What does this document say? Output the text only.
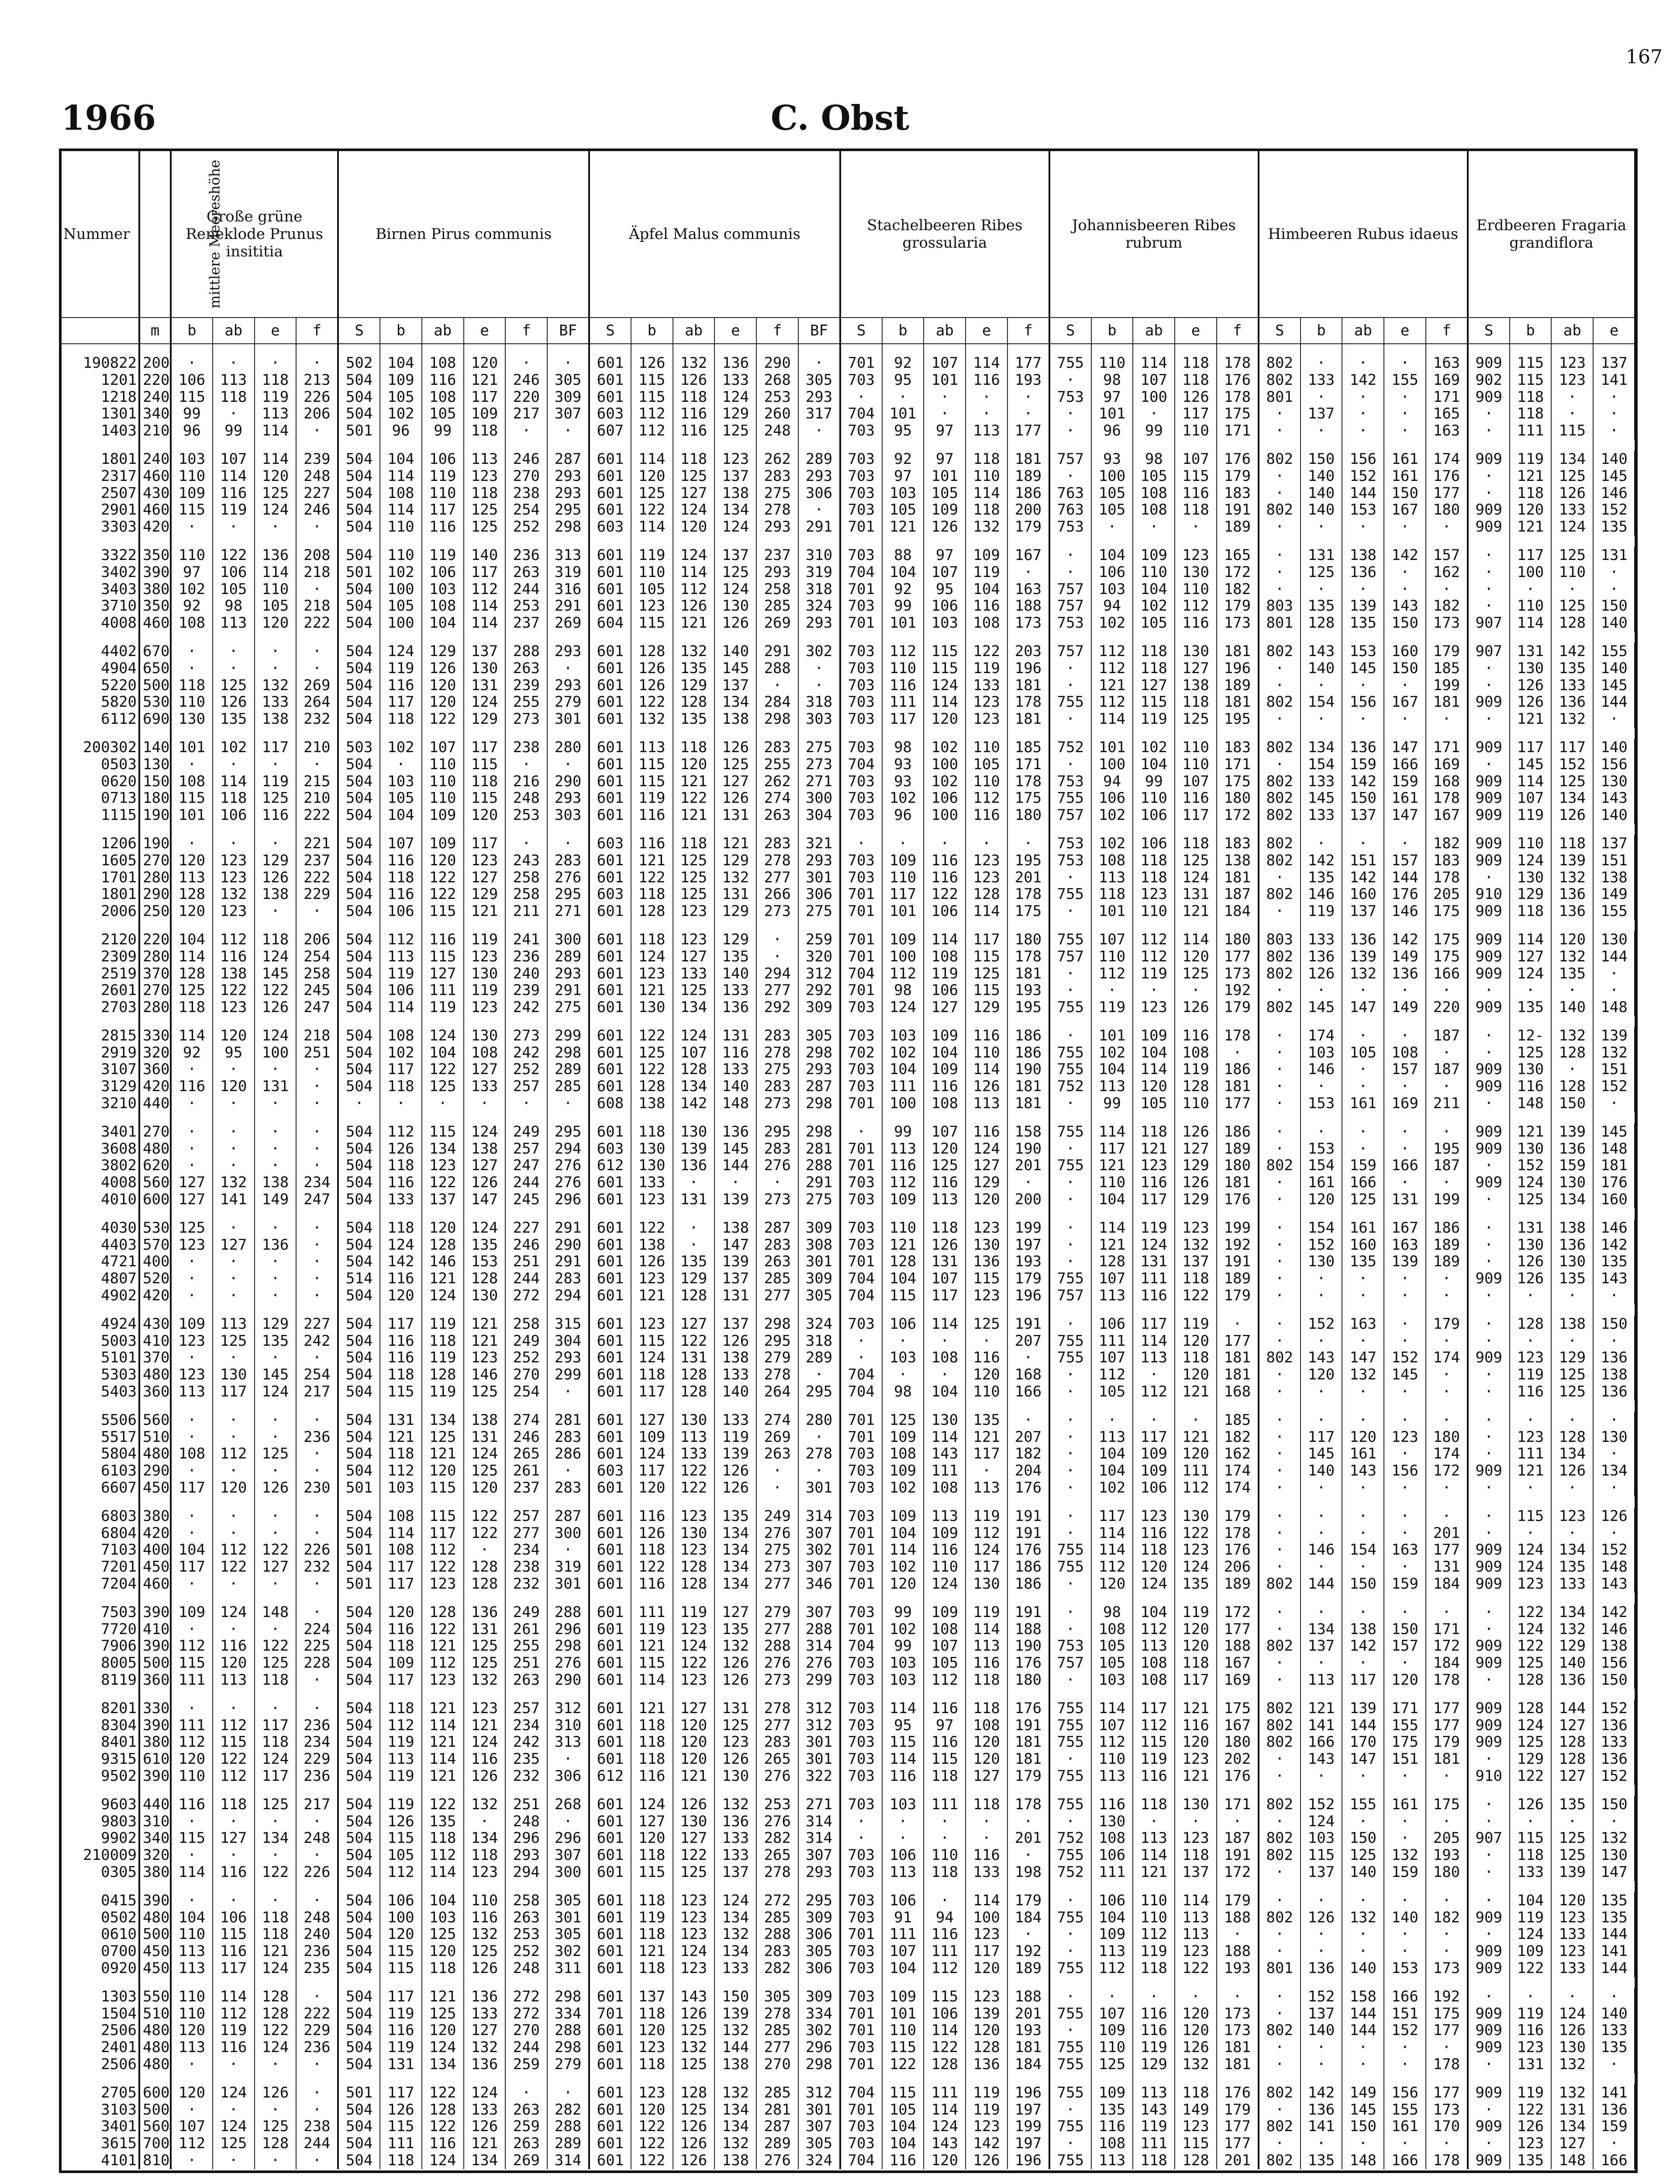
167
1966	C. Obst
Nummer	mittlere Meereshöhe	Große grüne Reneklode Prunus insititia				Birnen Pirus communis						Äpfel Malus communis						Stachelbeeren Ribes grossularia					Johannisbeeren Ribes rubrum					Himbeeren Rubus idaeus					Erdbeeren Fragaria grandiflora				
	m	b	ab	e	f	S	b	ab	e	f	BF	S	b	ab	e	f	BF	S	b	ab	e	f	S	b	ab	e	f	S	b	ab	e	f	S	b	ab	e	
190822	200	·	·	·	·	502	104	108	120	·	·	601	126	132	136	290	·	701	92	107	114	177	755	110	114	118	178	802	·	·	·	163	909	115	123	137	
1201	220	106	113	118	213	504	109	116	121	246	305	601	115	126	133	268	305	703	95	101	116	193	·	98	107	118	176	802	133	142	155	169	902	115	123	141	
1218	240	115	118	119	226	504	105	108	117	220	309	601	115	118	124	253	293	·	·	·	·	·	753	97	100	126	178	801	·	·	·	171	909	118	·	·	
1301	340	99	·	113	206	504	102	105	109	217	307	603	112	116	129	260	317	704	101	·	·	·	·	101	·	117	175	·	137	·	·	165	·	118	·	·	
1403	210	96	99	114	·	501	96	99	118	·	·	607	112	116	125	248	·	703	95	97	113	177	·	96	99	110	171	·	·	·	·	163	·	111	115	·	

1801	240	103	107	114	239	504	104	106	113	246	287	601	114	118	123	262	289	703	92	97	118	181	757	93	98	107	176	802	150	156	161	174	909	119	134	140	
2317	460	110	114	120	248	504	114	119	123	270	293	601	120	125	137	283	293	703	97	101	110	189	·	100	105	115	179	·	140	152	161	176	·	121	125	145	
2507	430	109	116	125	227	504	108	110	118	238	293	601	125	127	138	275	306	703	103	105	114	186	763	105	108	116	183	·	140	144	150	177	·	118	126	146	
2901	460	115	119	124	246	504	114	117	125	254	295	601	122	124	134	278	·	703	105	109	118	200	763	105	108	118	191	802	140	153	167	180	909	120	133	152	
3303	420	·	·	·	·	504	110	116	125	252	298	603	114	120	124	293	291	701	121	126	132	179	753	·	·	·	189	·	·	·	·	·	909	121	124	135	

3322	350	110	122	136	208	504	110	119	140	236	313	601	119	124	137	237	310	703	88	97	109	167	·	104	109	123	165	·	131	138	142	157	·	117	125	131	
3402	390	97	106	114	218	501	102	106	117	263	319	601	110	114	125	293	319	704	104	107	119	·	·	106	110	130	172	·	125	136	·	162	·	100	110	·	
3403	380	102	105	110	·	504	100	103	112	244	316	601	105	112	124	258	318	701	92	95	104	163	757	103	104	110	182	·	·	·	·	·	·	·	·	·	
3710	350	92	98	105	218	504	105	108	114	253	291	601	123	126	130	285	324	703	99	106	116	188	757	94	102	112	179	803	135	139	143	182	·	110	125	150	
4008	460	108	113	120	222	504	100	104	114	237	269	604	115	121	126	269	293	701	101	103	108	173	753	102	105	116	173	801	128	135	150	173	907	114	128	140	

4402	670	·	·	·	·	504	124	129	137	288	293	601	128	132	140	291	302	703	112	115	122	203	757	112	118	130	181	802	143	153	160	179	907	131	142	155	
4904	650	·	·	·	·	504	119	126	130	263	·	601	126	135	145	288	·	703	110	115	119	196	·	112	118	127	196	·	140	145	150	185	·	130	135	140	
5220	500	118	125	132	269	504	116	120	131	239	293	601	126	129	137	·	·	703	116	124	133	181	·	121	127	138	189	·	·	·	·	199	·	126	133	145	
5820	530	110	126	133	264	504	117	120	124	255	279	601	122	128	134	284	318	703	111	114	123	178	755	112	115	118	181	802	154	156	167	181	909	126	136	144	
6112	690	130	135	138	232	504	118	122	129	273	301	601	132	135	138	298	303	703	117	120	123	181	·	114	119	125	195	·	·	·	·	·	·	121	132	·	

200302	140	101	102	117	210	503	102	107	117	238	280	601	113	118	126	283	275	703	98	102	110	185	752	101	102	110	183	802	134	136	147	171	909	117	117	140	
0503	130	·	·	·	·	504	·	110	115	·	·	601	115	120	125	255	273	704	93	100	105	171	·	100	104	110	171	·	154	159	166	169	·	145	152	156	
0620	150	108	114	119	215	504	103	110	118	216	290	601	115	121	127	262	271	703	93	102	110	178	753	94	99	107	175	802	133	142	159	168	909	114	125	130	
0713	180	115	118	125	210	504	105	110	115	248	293	601	119	122	126	274	300	703	102	106	112	175	755	106	110	116	180	802	145	150	161	178	909	107	134	143	
1115	190	101	106	116	222	504	104	109	120	253	303	601	116	121	131	263	304	703	96	100	116	180	757	102	106	117	172	802	133	137	147	167	909	119	126	140	

1206	190	·	·	·	221	504	107	109	117	·	·	603	116	118	121	283	321	·	·	·	·	·	753	102	106	118	183	802	·	·	·	182	909	110	118	137	
1605	270	120	123	129	237	504	116	120	123	243	283	601	121	125	129	278	293	703	109	116	123	195	753	108	118	125	138	802	142	151	157	183	909	124	139	151	
1701	280	113	123	126	222	504	118	122	127	258	276	601	122	125	132	277	301	703	110	116	123	201	·	113	118	124	181	·	135	142	144	178	·	130	132	138	
1801	290	128	132	138	229	504	116	122	129	258	295	603	118	125	131	266	306	701	117	122	128	178	755	118	123	131	187	802	146	160	176	205	910	129	136	149	
2006	250	120	123	·	·	504	106	115	121	211	271	601	128	123	129	273	275	701	101	106	114	175	·	101	110	121	184	·	119	137	146	175	909	118	136	155	

2120	220	104	112	118	206	504	112	116	119	241	300	601	118	123	129	·	259	701	109	114	117	180	755	107	112	114	180	803	133	136	142	175	909	114	120	130	
2309	280	114	116	124	254	504	113	115	123	236	289	601	124	127	135	·	320	701	100	108	115	178	757	110	112	120	177	802	136	139	149	175	909	127	132	144	
2519	370	128	138	145	258	504	119	127	130	240	293	601	123	133	140	294	312	704	112	119	125	181	·	112	119	125	173	802	126	132	136	166	909	124	135	·	
2601	270	125	122	122	245	504	106	111	119	239	291	601	121	125	133	277	292	701	98	106	115	193	·	·	·	·	192	·	·	·	·	·	·	·	·	·	
2703	280	118	123	126	247	504	114	119	123	242	275	601	130	134	136	292	309	703	124	127	129	195	755	119	123	126	179	802	145	147	149	220	909	135	140	148	

2815	330	114	120	124	218	504	108	124	130	273	299	601	122	124	131	283	305	703	103	109	116	186	·	101	109	116	178	·	174	·	·	187	·	12-	132	139	
2919	320	92	95	100	251	504	102	104	108	242	298	601	125	107	116	278	298	702	102	104	110	186	755	102	104	108	·	·	103	105	108	·	·	125	128	132	
3107	360	·	·	·	·	504	117	122	127	252	289	601	122	128	133	275	293	703	104	109	114	190	755	104	114	119	186	·	146	·	157	187	909	130	·	151	
3129	420	116	120	131	·	504	118	125	133	257	285	601	128	134	140	283	287	703	111	116	126	181	752	113	120	128	181	·	·	·	·	·	909	116	128	152	
3210	440	·	·	·	·	·	·	·	·	·	·	608	138	142	148	273	298	701	100	108	113	181	·	99	105	110	177	·	153	161	169	211	·	148	150	·	

3401	270	·	·	·	·	504	112	115	124	249	295	601	118	130	136	295	298	·	99	107	116	158	755	114	118	126	186	·	·	·	·	·	909	121	139	145	
3608	480	·	·	·	·	504	126	134	138	257	294	603	130	139	145	283	281	701	113	120	124	190	·	117	121	127	189	·	153	·	·	195	909	130	136	148	
3802	620	·	·	·	·	504	118	123	127	247	276	612	130	136	144	276	288	701	116	125	127	201	755	121	123	129	180	802	154	159	166	187	·	152	159	181	
4008	560	127	132	138	234	504	116	122	126	244	276	601	133	·	·	·	291	703	112	116	129	·	·	110	116	126	181	·	161	166	·	·	909	124	130	176	
4010	600	127	141	149	247	504	133	137	147	245	296	601	123	131	139	273	275	703	109	113	120	200	·	104	117	129	176	·	120	125	131	199	·	125	134	160	

4030	530	125	·	·	·	504	118	120	124	227	291	601	122	·	138	287	309	703	110	118	123	199	·	114	119	123	199	·	154	161	167	186	·	131	138	146	
4403	570	123	127	136	·	504	124	128	135	246	290	601	138	·	147	283	308	703	121	126	130	197	·	121	124	132	192	·	152	160	163	189	·	130	136	142	
4721	400	·	·	·	·	504	142	146	153	251	291	601	126	135	139	263	301	701	128	131	136	193	·	128	131	137	191	·	130	135	139	189	·	126	130	135	
4807	520	·	·	·	·	514	116	121	128	244	283	601	123	129	137	285	309	704	104	107	115	179	755	107	111	118	189	·	·	·	·	·	909	126	135	143	
4902	420	·	·	·	·	504	120	124	130	272	294	601	121	128	131	277	305	704	115	117	123	196	757	113	116	122	179	·	·	·	·	·	·	·	·	·	

4924	430	109	113	129	227	504	117	119	121	258	315	601	123	127	137	298	324	703	106	114	125	191	·	106	117	119	·	·	152	163	·	179	·	128	138	150	
5003	410	123	125	135	242	504	116	118	121	249	304	601	115	122	126	295	318	·	·	·	·	207	755	111	114	120	177	·	·	·	·	·	·	·	·	·	
5101	370	·	·	·	·	504	116	119	123	252	293	601	124	131	138	279	289	·	103	108	116	·	755	107	113	118	181	802	143	147	152	174	909	123	129	136	
5303	480	123	130	145	254	504	118	128	146	270	299	601	118	128	133	278	·	704	·	·	120	168	·	112	·	120	181	·	120	132	145	·	·	119	125	138	
5403	360	113	117	124	217	504	115	119	125	254	·	601	117	128	140	264	295	704	98	104	110	166	·	105	112	121	168	·	·	·	·	·	·	116	125	136	

5506	560	·	·	·	·	504	131	134	138	274	281	601	127	130	133	274	280	701	125	130	135	·	·	·	·	·	185	·	·	·	·	·	·	·	·	·	
5517	510	·	·	·	236	504	121	125	131	246	283	601	109	113	119	269	·	701	109	114	121	207	·	113	117	121	182	·	117	120	123	180	·	123	128	130	
5804	480	108	112	125	·	504	118	121	124	265	286	601	124	133	139	263	278	703	108	143	117	182	·	104	109	120	162	·	145	161	·	174	·	111	134	·	
6103	290	·	·	·	·	504	112	120	125	261	·	603	117	122	126	·	·	703	109	111	·	204	·	104	109	111	174	·	140	143	156	172	909	121	126	134	
6607	450	117	120	126	230	501	103	115	120	237	283	601	120	122	126	·	301	703	102	108	113	176	·	102	106	112	174	·	·	·	·	·	·	·	·	·	

6803	380	·	·	·	·	504	108	115	122	257	287	601	116	123	135	249	314	703	109	113	119	191	·	117	123	130	179	·	·	·	·	·	·	115	123	126	
6804	420	·	·	·	·	504	114	117	122	277	300	601	126	130	134	276	307	701	104	109	112	191	·	114	116	122	178	·	·	·	·	201	·	·	·	·	
7103	400	104	112	122	226	501	108	112	·	234	·	601	118	123	134	275	302	701	114	116	124	176	755	114	118	123	176	·	146	154	163	177	909	124	134	152	
7201	450	117	122	127	232	504	117	122	128	238	319	601	122	128	134	273	307	703	102	110	117	186	755	112	120	124	206	·	·	·	·	131	909	124	135	148	
7204	460	·	·	·	·	501	117	123	128	232	301	601	116	128	134	277	346	701	120	124	130	186	·	120	124	135	189	802	144	150	159	184	909	123	133	143	

7503	390	109	124	148	·	504	120	128	136	249	288	601	111	119	127	279	307	703	99	109	119	191	·	98	104	119	172	·	·	·	·	·	·	122	134	142	
7720	410	·	·	·	224	504	116	122	131	261	296	601	119	123	135	277	288	701	102	108	114	188	·	108	112	120	177	·	134	138	150	171	·	124	132	146	
7906	390	112	116	122	225	504	118	121	125	255	298	601	121	124	132	288	314	704	99	107	113	190	753	105	113	120	188	802	137	142	157	172	909	122	129	138	
8005	500	115	120	125	228	504	109	112	125	251	276	601	115	122	126	276	276	703	103	105	116	176	757	105	108	118	167	·	·	·	·	184	909	125	140	156	
8119	360	111	113	118	·	504	117	123	132	263	290	601	114	123	126	273	299	703	103	112	118	180	·	103	108	117	169	·	113	117	120	178	·	128	136	150	

8201	330	·	·	·	·	504	118	121	123	257	312	601	121	127	131	278	312	703	114	116	118	176	755	114	117	121	175	802	121	139	171	177	909	128	144	152	
8304	390	111	112	117	236	504	112	114	121	234	310	601	118	120	125	277	312	703	95	97	108	191	755	107	112	116	167	802	141	144	155	177	909	124	127	136	
8401	380	112	115	118	234	504	119	121	124	242	313	601	118	120	123	283	301	703	115	116	120	181	755	112	115	120	180	802	166	170	175	179	909	125	128	133	
9315	610	120	122	124	229	504	113	114	116	235	·	601	118	120	126	265	301	703	114	115	120	181	·	110	119	123	202	·	143	147	151	181	·	129	128	136	
9502	390	110	112	117	236	504	119	121	126	232	306	612	116	121	130	276	322	703	116	118	127	179	755	113	116	121	176	·	·	·	·	·	910	122	127	152	

9603	440	116	118	125	217	504	119	122	132	251	268	601	124	126	132	253	271	703	103	111	118	178	755	116	118	130	171	802	152	155	161	175	·	126	135	150	
9803	310	·	·	·	·	504	126	135	·	248	·	601	127	130	136	276	314	·	·	·	·	·	·	130	·	·	·	·	124	·	·	·	·	·	·	·	
9902	340	115	127	134	248	504	115	118	134	296	296	601	120	127	133	282	314	·	·	·	·	201	752	108	113	123	187	802	103	150	·	205	907	115	125	132	
210009	320	·	·	·	·	504	105	112	118	293	307	601	118	122	133	265	307	703	106	110	116	·	755	106	114	118	191	802	115	125	132	193	·	118	125	130	
0305	380	114	116	122	226	504	112	114	123	294	300	601	115	125	137	278	293	703	113	118	133	198	752	111	121	137	172	·	137	140	159	180	·	133	139	147	

0415	390	·	·	·	·	504	106	104	110	258	305	601	118	123	124	272	295	703	106	·	114	179	·	106	110	114	179	·	·	·	·	·	·	104	120	135	
0502	480	104	106	118	248	504	100	103	116	263	301	601	119	123	134	285	309	703	91	94	100	184	755	104	110	113	188	802	126	132	140	182	909	119	123	135	
0610	500	110	115	118	240	504	120	125	132	253	305	601	118	123	132	288	306	701	111	116	123	·	·	109	112	113	·	·	·	·	·	·	·	124	133	144	
0700	450	113	116	121	236	504	115	120	125	252	302	601	121	124	134	283	305	703	107	111	117	192	·	113	119	123	188	·	·	·	·	·	909	109	123	141	
0920	450	113	117	124	235	504	115	118	126	248	311	601	118	123	133	282	306	703	104	112	120	189	755	112	118	122	193	801	136	140	153	173	909	122	133	144	

1303	550	110	114	128	·	504	117	121	136	272	298	601	137	143	150	305	309	703	109	115	123	188	·	·	·	·	·	·	152	158	166	192	·	·	·	·	
1504	510	110	112	128	222	504	119	125	133	272	334	701	118	126	139	278	334	701	101	106	139	201	755	107	116	120	173	·	137	144	151	175	909	119	124	140	
2506	480	120	119	122	229	504	116	120	127	270	288	601	120	125	132	285	302	701	110	114	120	193	·	109	116	120	173	802	140	144	152	177	909	116	126	133	
2401	480	113	116	124	236	504	119	124	132	244	298	601	123	132	144	277	296	703	115	122	128	181	755	110	119	126	181	·	·	·	·	·	909	123	130	135	
2506	480	·	·	·	·	504	131	134	136	259	279	601	118	125	138	270	298	701	122	128	136	184	755	125	129	132	181	·	·	·	·	178	·	131	132	·	

2705	600	120	124	126	·	501	117	122	124	·	·	601	123	128	132	285	312	704	115	111	119	196	755	109	113	118	176	802	142	149	156	177	909	119	132	141	
3103	500	·	·	·	·	504	126	128	133	263	282	601	120	125	134	281	301	701	105	114	119	197	·	135	143	149	179	·	136	145	155	173	·	122	131	136	
3401	560	107	124	125	238	504	115	122	126	259	288	601	122	126	134	287	307	703	104	124	123	199	755	116	119	123	177	802	141	150	161	170	909	126	134	159	
3615	700	112	125	128	244	504	111	116	121	263	289	601	122	126	132	289	305	703	104	143	142	197	·	108	111	115	177	·	·	·	·	·	·	123	127	·	
4101	810	·	·	·	·	504	118	124	134	269	314	601	122	126	138	276	324	704	116	120	126	196	755	113	118	128	201	802	135	148	166	178	909	135	148	166	
